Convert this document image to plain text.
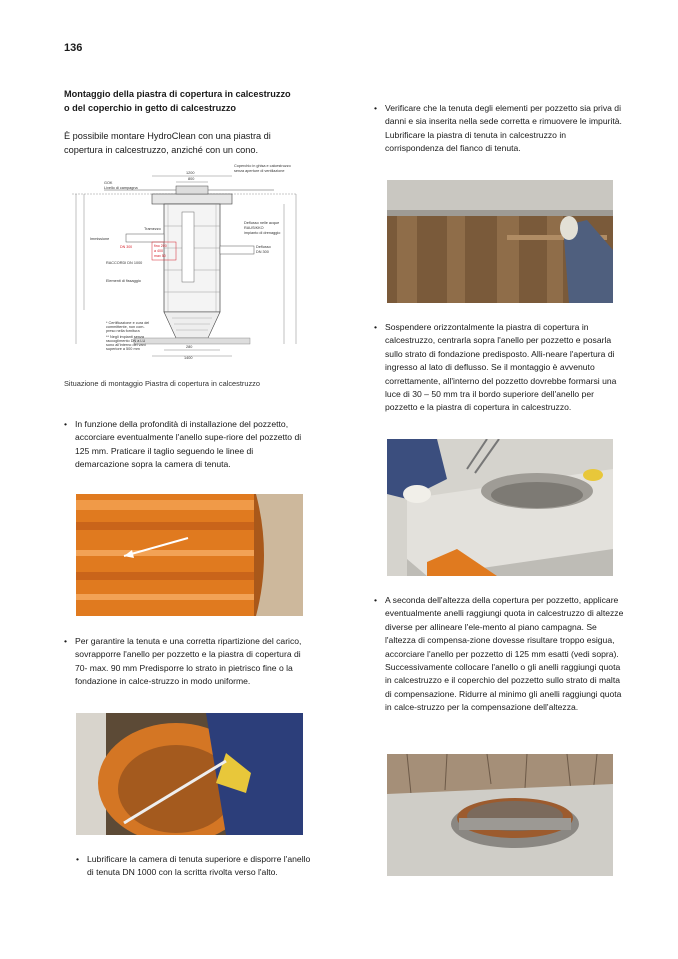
136
Montaggio della piastra di copertura in calcestruzzo
o del coperchio in getto di calcestruzzo
È possibile montare HydroClean con una piastra di copertura in calcestruzzo, anziché con un cono.
fino 200
a 400
max 50
DN 300
Coperchio in ghisa e calcestruzzo
senza aperture di ventilazione
GOK
Livello di campagna
Tramezzo
Immissione
Deflusso nelle acque
RAUSIKKO
impianto di drenaggio
Deflusso
DN 300
RACCORDI DN 1000
Elementi di fissaggio
* Certificazione e cura del
committente, non com-
preso nella fornitura
** Negli impianti senza
raccoglimento DN a LU
sono all'interno dei vani
superiore a 500 mm
1200
800
280
1400
Situazione di montaggio Piastra di copertura in calcestruzzo
• In funzione della profondità di installazione del pozzetto, accorciare eventualmente l'anello supe-riore del pozzetto di 125 mm. Praticare il taglio seguendo le linee di demarcazione sopra la camera di tenuta.
• Per garantire la tenuta e una corretta ripartizione del carico, sovrapporre l'anello per pozzetto e la piastra di copertura di 70- max. 90 mm Predisporre lo strato in pietrisco fine o la fondazione in calce-struzzo in modo uniforme.
• Lubrificare la camera di tenuta superiore e disporre l'anello di tenuta DN 1000 con la scritta rivolta verso l'alto.
• Verificare che la tenuta degli elementi per pozzetto sia priva di danni e sia inserita nella sede corretta e rimuovere le impurità. Lubrificare la piastra di tenuta in calcestruzzo in corrispondenza del fianco di tenuta.
• Sospendere orizzontalmente la piastra di copertura in calcestruzzo, centrarla sopra l'anello per pozzetto e posarla sullo strato di fondazione predisposto. Alli-neare l'apertura di ingresso al lato di deflusso. Se il montaggio è avvenuto correttamente, all'interno del pozzetto dovrebbe formarsi una luce di 30 – 50 mm tra il bordo superiore dell'anello per pozzetto e la piastra di copertura in calcestruzzo.
• A seconda dell'altezza della copertura per pozzetto, applicare eventualmente anelli raggiungi quota in calcestruzzo di altezze diverse per allineare l'ele-mento al piano campagna. Se l'altezza di compensa-zione dovesse risultare troppo esigua, accorciare l'anello per pozzetto di 125 mm esatti (vedi sopra). Successivamente collocare l'anello o gli anelli raggiungi quota in calcestruzzo e il coperchio del pozzetto sullo strato di malta di compensazione. Ridurre al minimo gli anelli raggiungi quota in calce-struzzo per la compensazione dell'altezza.
